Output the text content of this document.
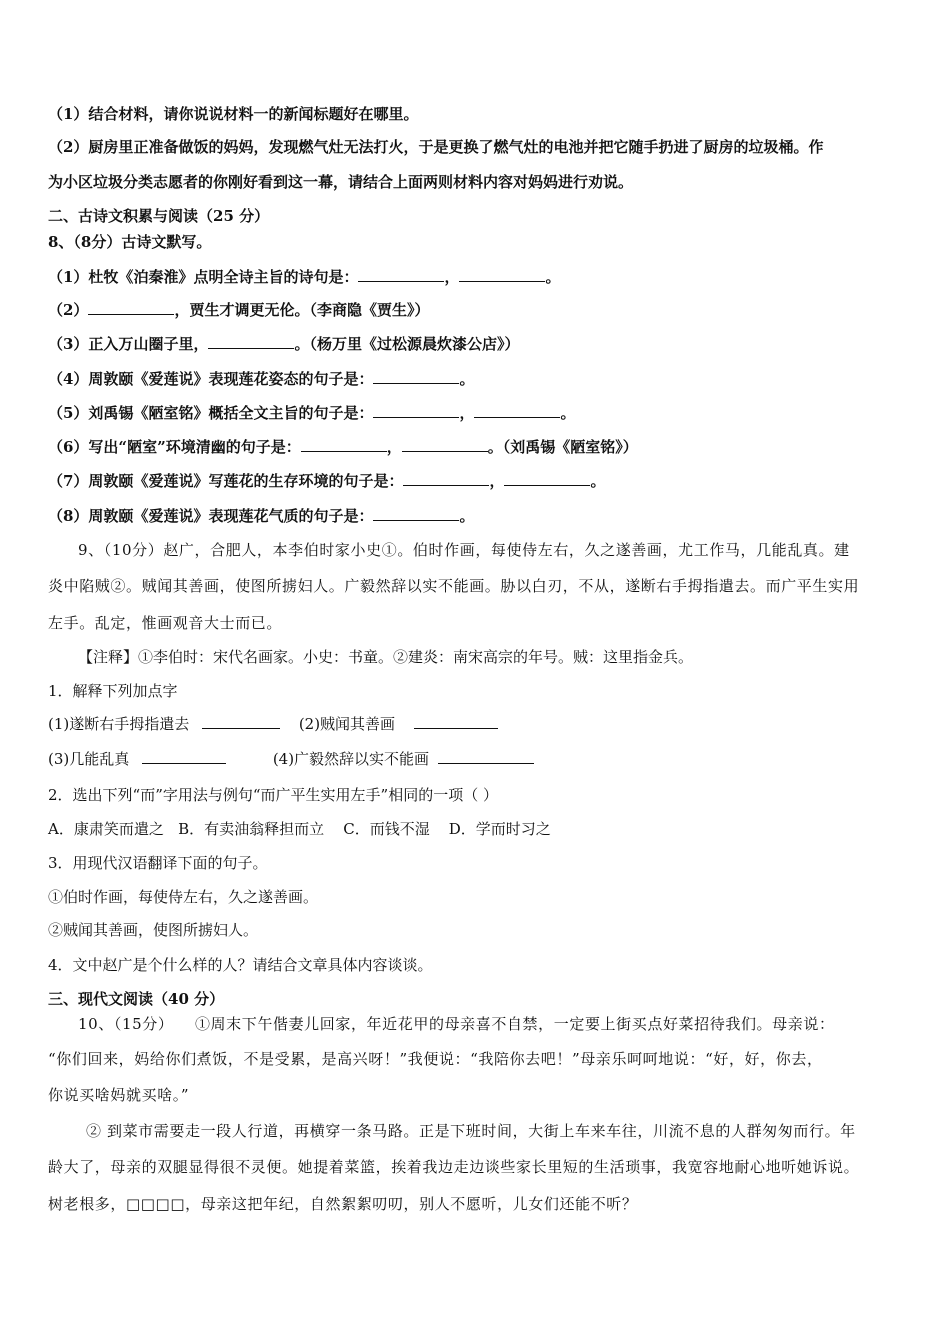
（1）结合材料，请你说说材料一的新闻标题好在哪里。
（2）厨房里正准备做饭的妈妈，发现燃气灶无法打火，于是更换了燃气灶的电池并把它随手扔进了厨房的垃圾桶。作
为小区垃圾分类志愿者的你刚好看到这一幕，请结合上面两则材料内容对妈妈进行劝说。
二、古诗文积累与阅读（25 分）
8、（8分）古诗文默写。
（1）杜牧《泊秦淮》点明全诗主旨的诗句是：	，	。
（2）	，贾生才调更无伦。（李商隐《贾生》）
（3）正入万山圈子里，	。（杨万里《过松源晨炊漆公店》）
（4）周敦颐《爱莲说》表现莲花姿态的句子是：	。
（5）刘禹锡《陋室铭》概括全文主旨的句子是：	，	。
（6）写出“陋室”环境清幽的句子是：	，	。（刘禹锡《陋室铭》）
（7）周敦颐《爱莲说》写莲花的生存环境的句子是：	，	。
（8）周敦颐《爱莲说》表现莲花气质的句子是：	。
9、（10分）赵广，合肥人，本李伯时家小史①。伯时作画，每使侍左右，久之遂善画，尤工作马，几能乱真。建
炎中陷贼②。贼闻其善画，使图所掳妇人。广毅然辞以实不能画。胁以白刃，不从，遂断右手拇指遣去。而广平生实用
左手。乱定，惟画观音大士而已。
【注释】①李伯时：宋代名画家。小史：书童。②建炎：南宋高宗的年号。贼：这里指金兵。
1．解释下列加点字
(1)遂断右手拇指遣去	(2)贼闻其善画
(3)几能乱真	(4)广毅然辞以实不能画
2．选出下列“而”字用法与例句“而广平生实用左手”相同的一项（ ）
A．康肃笑而遣之   B．有卖油翁释担而立    C．而钱不湿    D．学而时习之
3．用现代汉语翻译下面的句子。
①伯时作画，每使侍左右，久之遂善画。
②贼闻其善画，使图所掳妇人。
4．文中赵广是个什么样的人？请结合文章具体内容谈谈。
三、现代文阅读（40 分）
10、（15分）    ①周末下午偕妻儿回家，年近花甲的母亲喜不自禁，一定要上街买点好菜招待我们。母亲说：
“你们回来，妈给你们煮饭，不是受累，是高兴呀！”我便说：“我陪你去吧！”母亲乐呵呵地说：“好，好，你去，
你说买啥妈就买啥。”
② 到菜市需要走一段人行道，再横穿一条马路。正是下班时间，大街上车来车往，川流不息的人群匆匆而行。年
龄大了，母亲的双腿显得很不灵便。她提着菜篮，挨着我边走边谈些家长里短的生活琐事，我宽容地耐心地听她诉说。
树老根多，□□□□，母亲这把年纪，自然絮絮叨叨，别人不愿听，儿女们还能不听？
